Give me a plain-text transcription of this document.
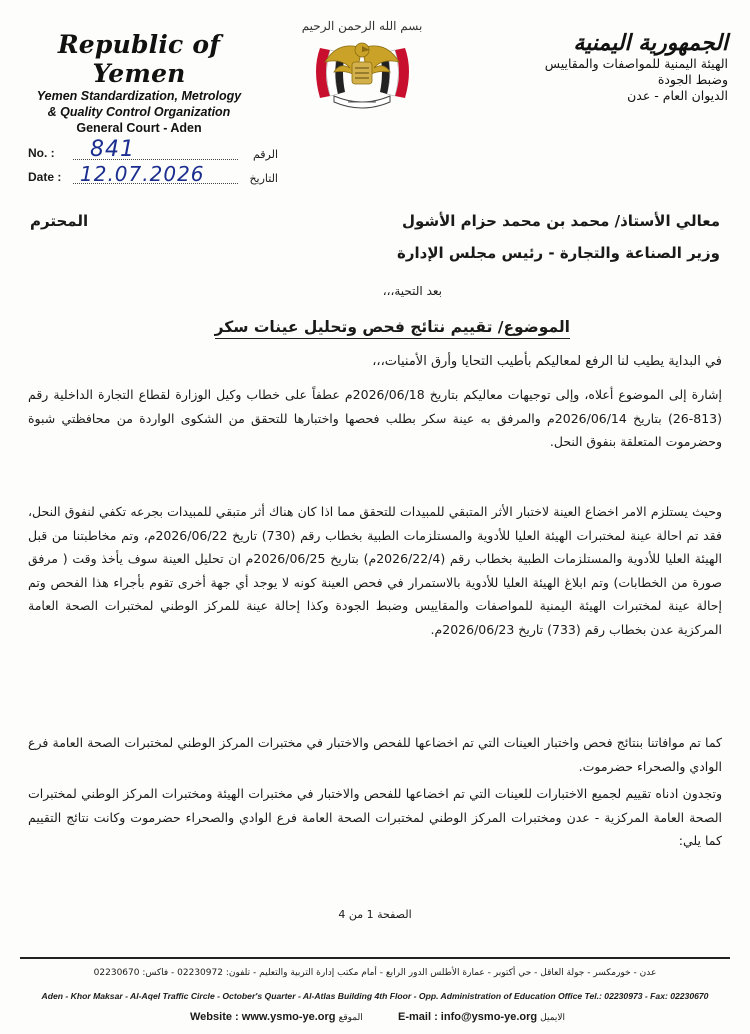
Republic of Yemen
Yemen Standardization, Metrology
& Quality Control Organization
General Court - Aden
بسم الله الرحمن الرحيم
الجمهورية اليمنية
الهيئة اليمنية للمواصفات والمقاييس
وضبط الجودة
الديوان العام - عدن
No. : 841	الرقم
Date : 12.07.2026	التاريخ
معالي الأستاذ/ محمد بن محمد حزام الأشول
المحترم
وزير الصناعة والتجارة - رئيس مجلس الإدارة
بعد التحية،،،
الموضوع/ تقييم نتائج فحص وتحليل عينات سكر
في البداية يطيب لنا الرفع لمعاليكم بأطيب التحايا وأرق الأمنيات،،،
إشارة إلى الموضوع أعلاه، وإلى توجيهات معاليكم بتاريخ 2026/06/18م عطفاً على خطاب وكيل الوزارة لقطاع التجارة الداخلية رقم (813-26) بتاريخ 2026/06/14م والمرفق به عينة سكر بطلب فحصها واختبارها للتحقق من الشكوى الواردة من محافظتي شبوة وحضرموت المتعلقة بنفوق النحل.
وحيث يستلزم الامر اخضاع العينة لاختبار الأثر المتبقي للمبيدات للتحقق مما اذا كان هناك أثر متبقي للمبيدات بجرعه تكفي لنفوق النحل، فقد تم احالة عينة لمختبرات الهيئة العليا للأدوية والمستلزمات الطبية بخطاب رقم (730) تاريخ 2026/06/22م، وتم مخاطبتنا من قبل الهيئة العليا للأدوية والمستلزمات الطبية بخطاب رقم (2026/22/4م) بتاريخ 2026/06/25م ان تحليل العينة سوف يأخذ وقت ( مرفق صورة من الخطابات) وتم ابلاغ الهيئة العليا للأدوية بالاستمرار في فحص العينة كونه لا يوجد أي جهة أخرى تقوم بأجراء هذا الفحص وتم إحالة عينة لمختبرات الهيئة اليمنية للمواصفات والمقاييس وضبط الجودة وكذا إحالة عينة للمركز الوطني لمختبرات الصحة العامة المركزية عدن بخطاب رقم (733) تاريخ 2026/06/23م.
كما تم موافاتنا بنتائج فحص واختبار العينات التي تم اخضاعها للفحص والاختبار في مختبرات المركز الوطني لمختبرات الصحة العامة فرع الوادي والصحراء حضرموت.
وتجدون ادناه تقييم لجميع الاختبارات للعينات التي تم اخضاعها للفحص والاختبار في مختبرات الهيئة ومختبرات المركز الوطني لمختبرات الصحة العامة المركزية - عدن ومختبرات المركز الوطني لمختبرات الصحة العامة فرع الوادي والصحراء حضرموت وكانت نتائج التقييم كما يلي:
الصفحة 1 من 4
عدن - خورمكسر - جولة العاقل - حي أكتوبر - عمارة الأطلس الدور الرابع - أمام مكتب إدارة التربية والتعليم - تلفون: 02230972 - فاكس: 02230670
Aden - Khor Maksar - Al-Aqel Traffic Circle - October's Quarter - Al-Atlas Building 4th Floor - Opp. Administration of Education Office Tel.: 02230973 - Fax: 02230670
Website : www.ysmo-ye.org الموقع	E-mail : info@ysmo-ye.org الايميل
